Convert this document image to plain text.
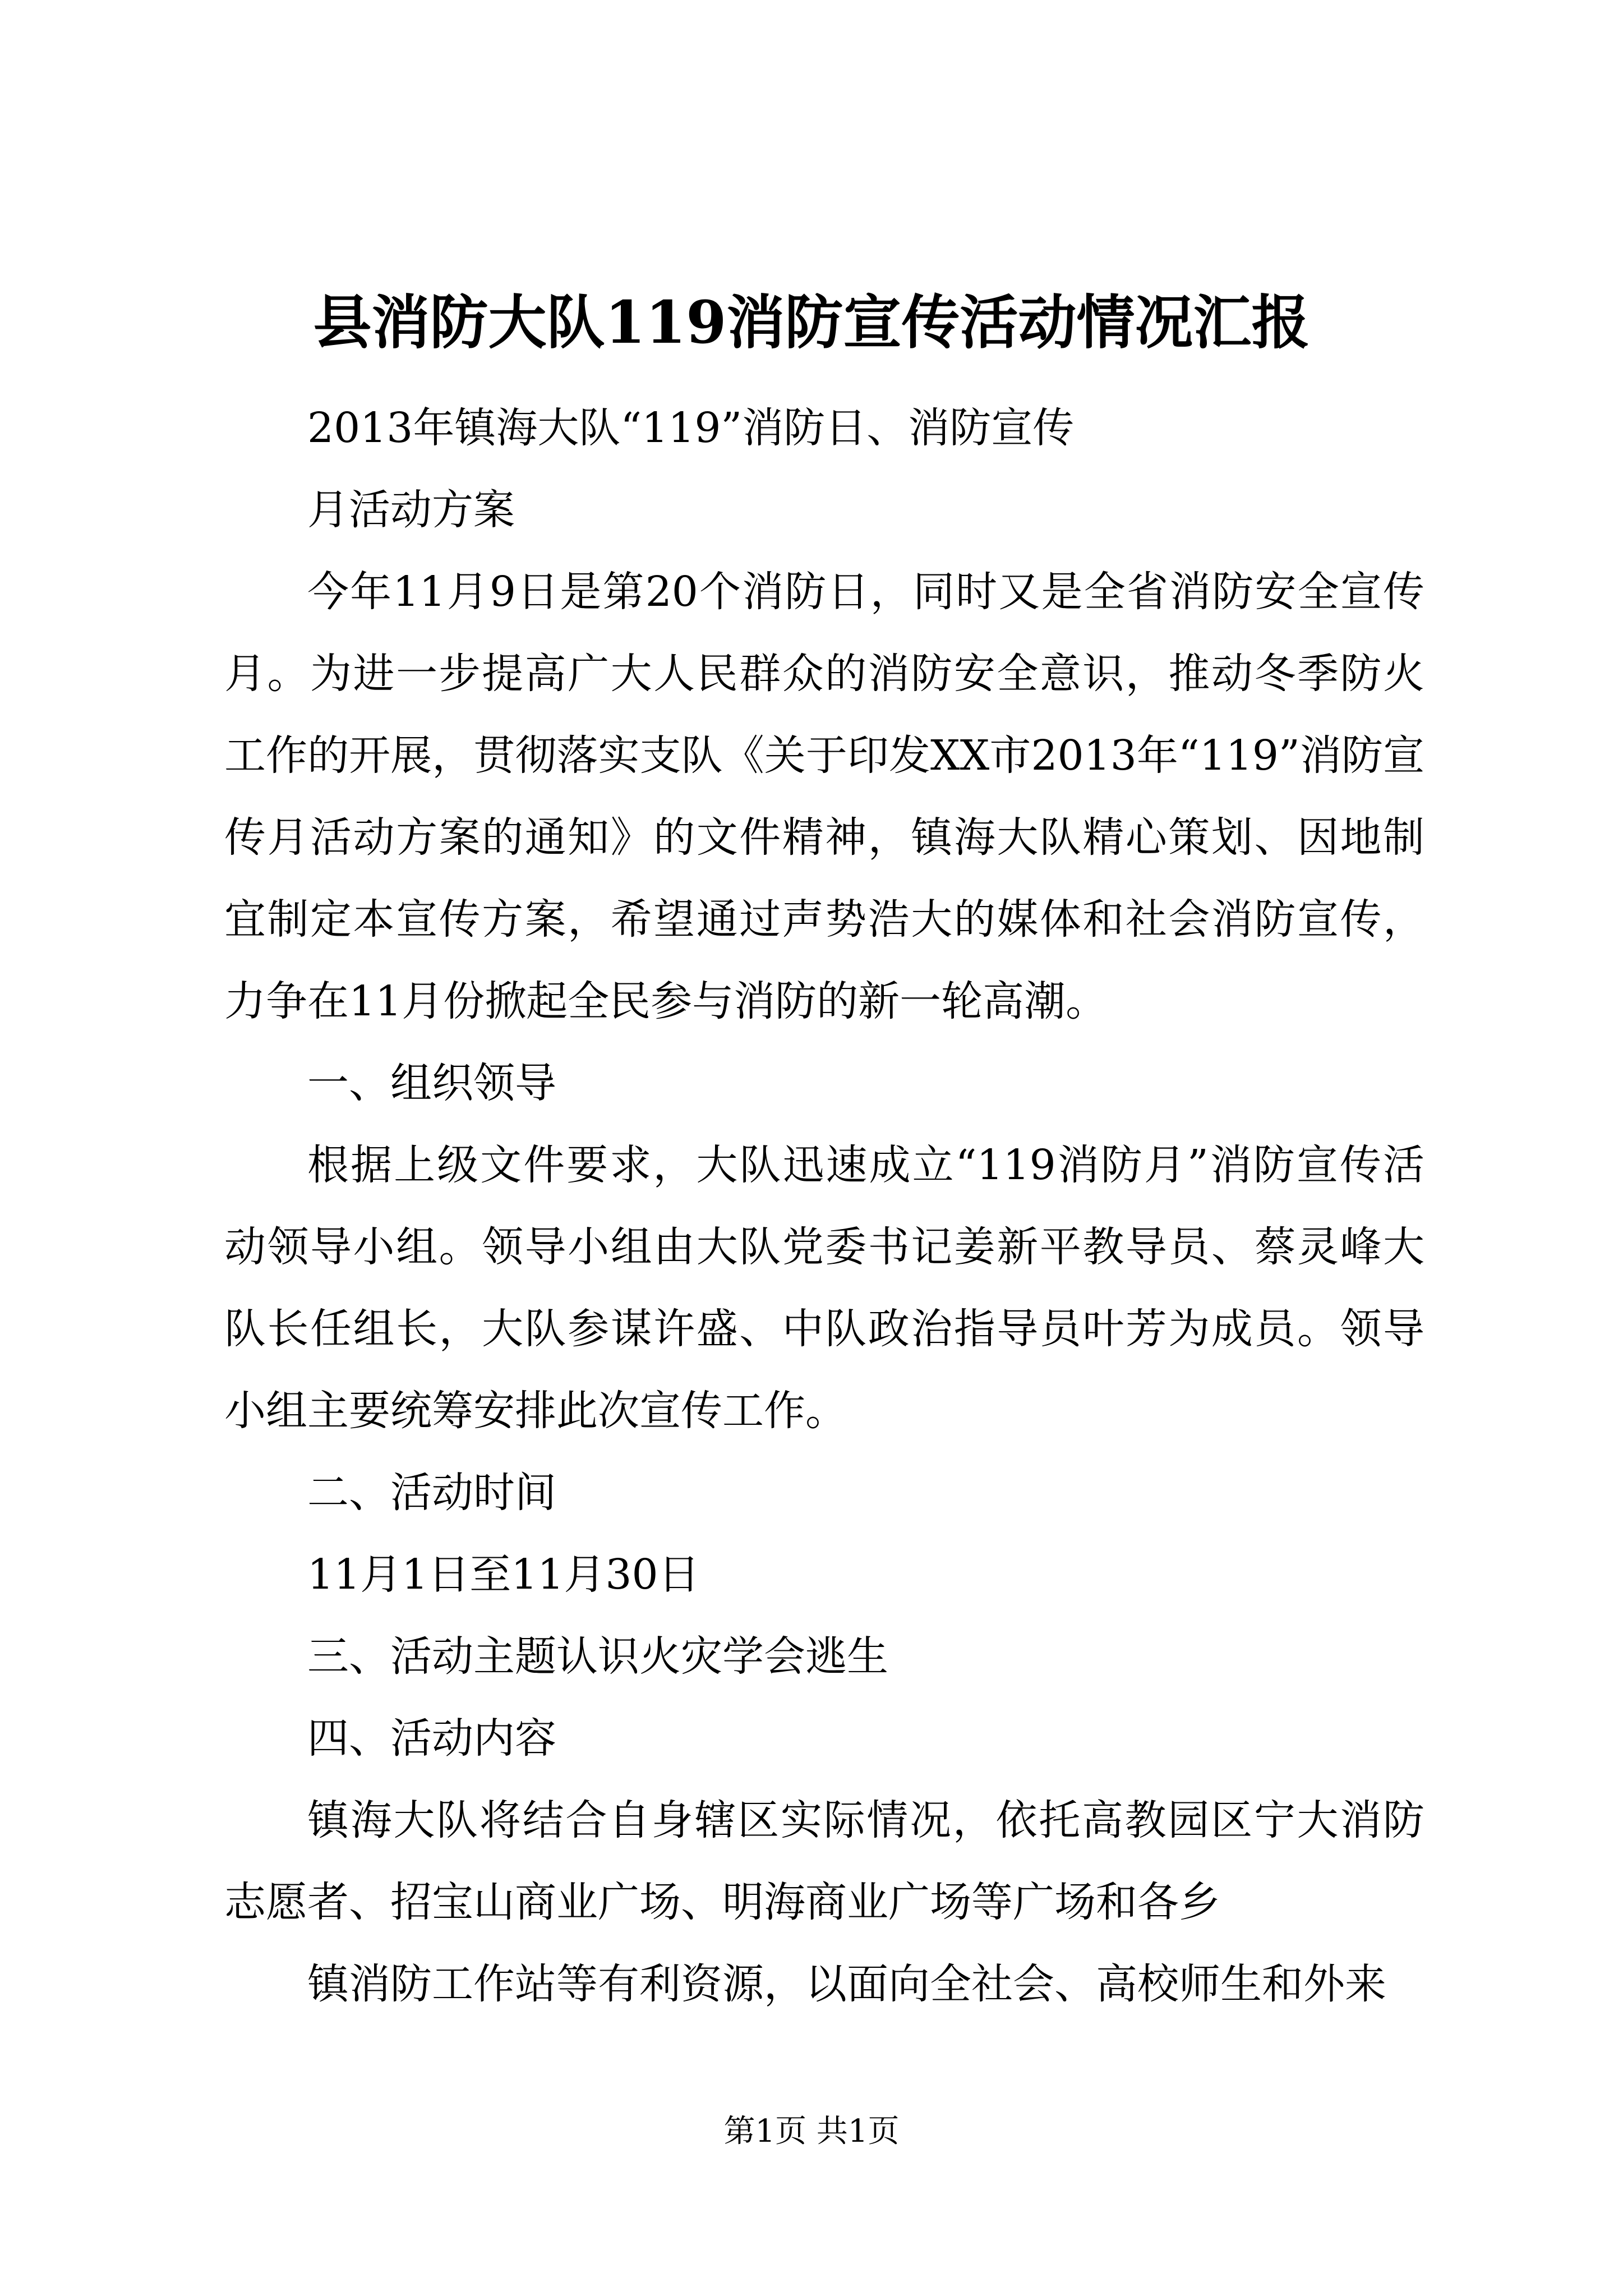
县消防大队119消防宣传活动情况汇报

2013年镇海大队“119”消防日、消防宣传

月活动方案

今年11月9日是第20个消防日，同时又是全省消防安全宣传月。为进一步提高广大人民群众的消防安全意识，推动冬季防火工作的开展，贯彻落实支队《关于印发XX市2013年“119”消防宣传月活动方案的通知》的文件精神，镇海大队精心策划、因地制宜制定本宣传方案，希望通过声势浩大的媒体和社会消防宣传，力争在11月份掀起全民参与消防的新一轮高潮。

一、组织领导

根据上级文件要求，大队迅速成立“119消防月”消防宣传活动领导小组。领导小组由大队党委书记姜新平教导员、蔡灵峰大队长任组长，大队参谋许盛、中队政治指导员叶芳为成员。领导小组主要统筹安排此次宣传工作。

二、活动时间

11月1日至11月30日

三、活动主题认识火灾学会逃生

四、活动内容

镇海大队将结合自身辖区实际情况，依托高教园区宁大消防志愿者、招宝山商业广场、明海商业广场等广场和各乡

镇消防工作站等有利资源，以面向全社会、高校师生和外来

第1页 共1页
